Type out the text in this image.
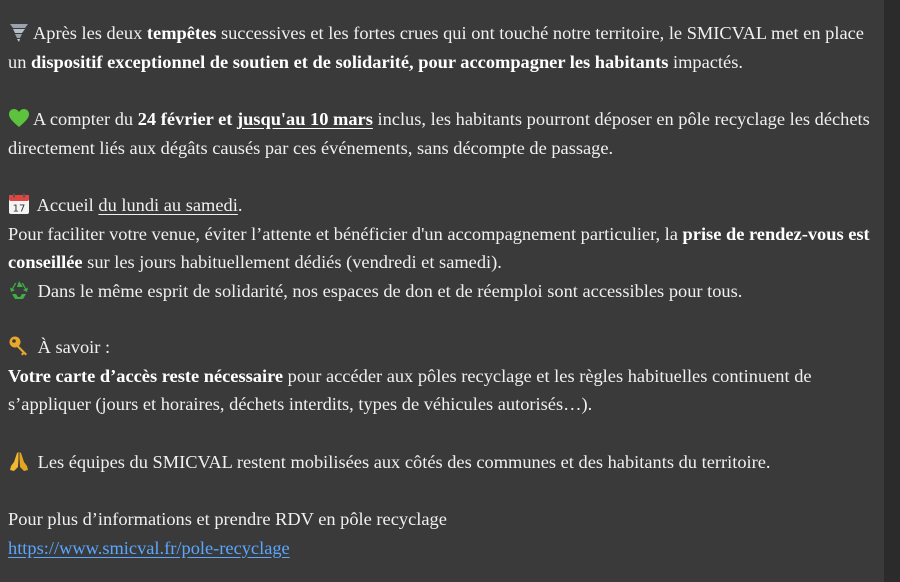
Après les deux tempêtes successives et les fortes crues qui ont touché notre territoire, le SMICVAL met en place un dispositif exceptionnel de soutien et de solidarité, pour accompagner les habitants impactés.

A compter du 24 février et jusqu'au 10 mars inclus, les habitants pourront déposer en pôle recyclage les déchets directement liés aux dégâts causés par ces événements, sans décompte de passage.

17 Accueil du lundi au samedi.

Pour faciliter votre venue, éviter l’attente et bénéficier d'un accompagnement particulier, la prise de rendez-vous est conseillée sur les jours habituellement dédiés (vendredi et samedi).

Dans le même esprit de solidarité, nos espaces de don et de réemploi sont accessibles pour tous.

À savoir :

Votre carte d’accès reste nécessaire pour accéder aux pôles recyclage et les règles habituelles continuent de s’appliquer (jours et horaires, déchets interdits, types de véhicules autorisés…).

Les équipes du SMICVAL restent mobilisées aux côtés des communes et des habitants du territoire.

Pour plus d’informations et prendre RDV en pôle recyclage

https://www.smicval.fr/pole-recyclage
